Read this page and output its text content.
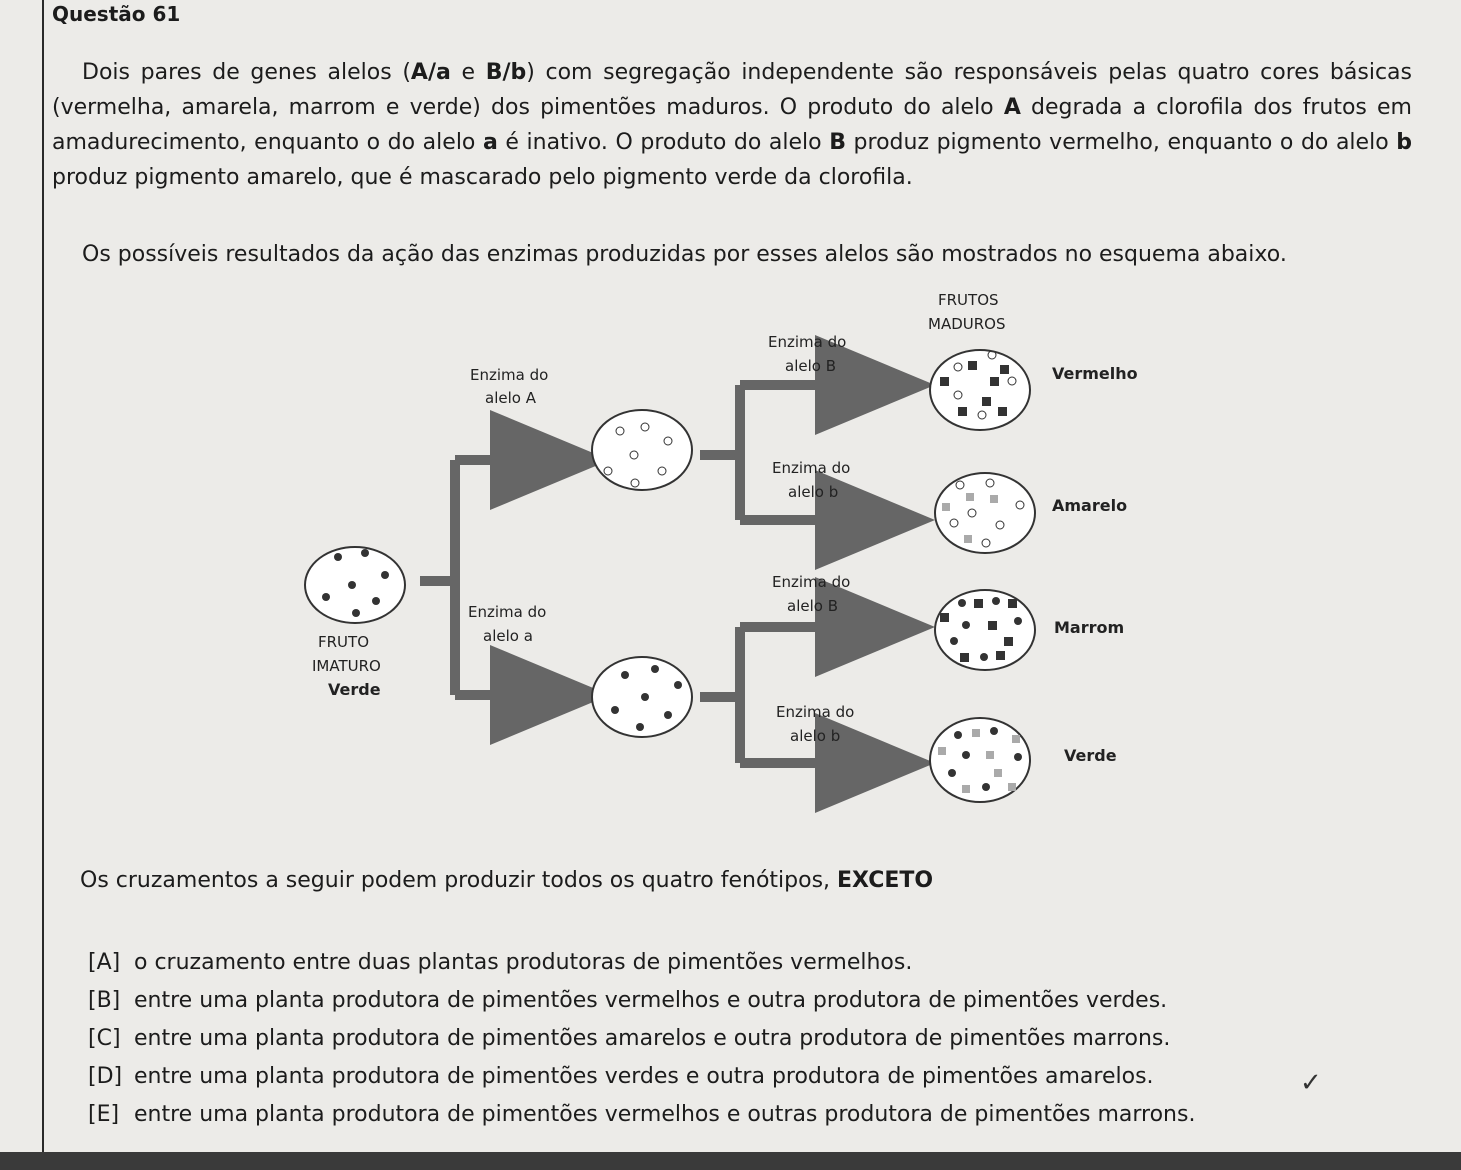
Questão 61
Dois pares de genes alelos (A/a e B/b) com segregação independente são responsáveis pelas quatro cores básicas (vermelha, amarela, marrom e verde) dos pimentões maduros. O produto do alelo A degrada a clorofila dos frutos em amadurecimento, enquanto o do alelo a é inativo. O produto do alelo B produz pigmento vermelho, enquanto o do alelo b produz pigmento amarelo, que é mascarado pelo pigmento verde da clorofila.
Os possíveis resultados da ação das enzimas produzidas por esses alelos são mostrados no esquema abaixo.
FRUTOS
MADUROS
FRUTO
IMATURO
Verde
Enzima do
alelo A
Enzima do
alelo a
Enzima do
alelo B
Enzima do
alelo b
Enzima do
alelo B
Enzima do
alelo b
Vermelho
Amarelo
Marrom
Verde
Os cruzamentos a seguir podem produzir todos os quatro fenótipos, EXCETO
[A] o cruzamento entre duas plantas produtoras de pimentões vermelhos.
[B] entre uma planta produtora de pimentões vermelhos e outra produtora de pimentões verdes.
[C] entre uma planta produtora de pimentões amarelos e outra produtora de pimentões marrons.
[D] entre uma planta produtora de pimentões verdes e outra produtora de pimentões amarelos.
[E] entre uma planta produtora de pimentões vermelhos e outras produtora de pimentões marrons.
✓
